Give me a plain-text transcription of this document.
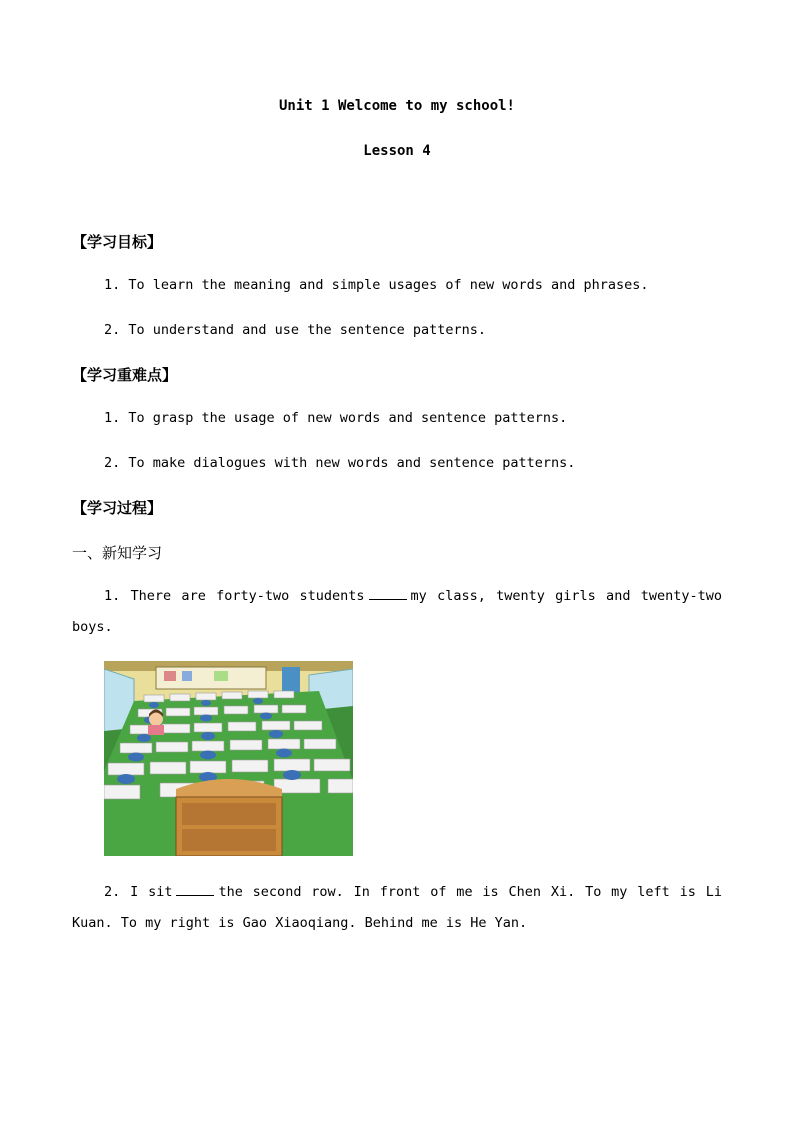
Unit 1 Welcome to my school!
Lesson 4
【学习目标】
1. To learn the meaning and simple usages of new words and phrases.
2. To understand and use the sentence patterns.
【学习重难点】
1. To grasp the usage of new words and sentence patterns.
2. To make dialogues with new words and sentence patterns.
【学习过程】
一、新知学习
1. There are forty-two students	my class, twenty girls and twenty-two boys.
2. I sit	the second row. In front of me is Chen Xi. To my left is Li Kuan. To my right is Gao Xiaoqiang. Behind me is He Yan.
